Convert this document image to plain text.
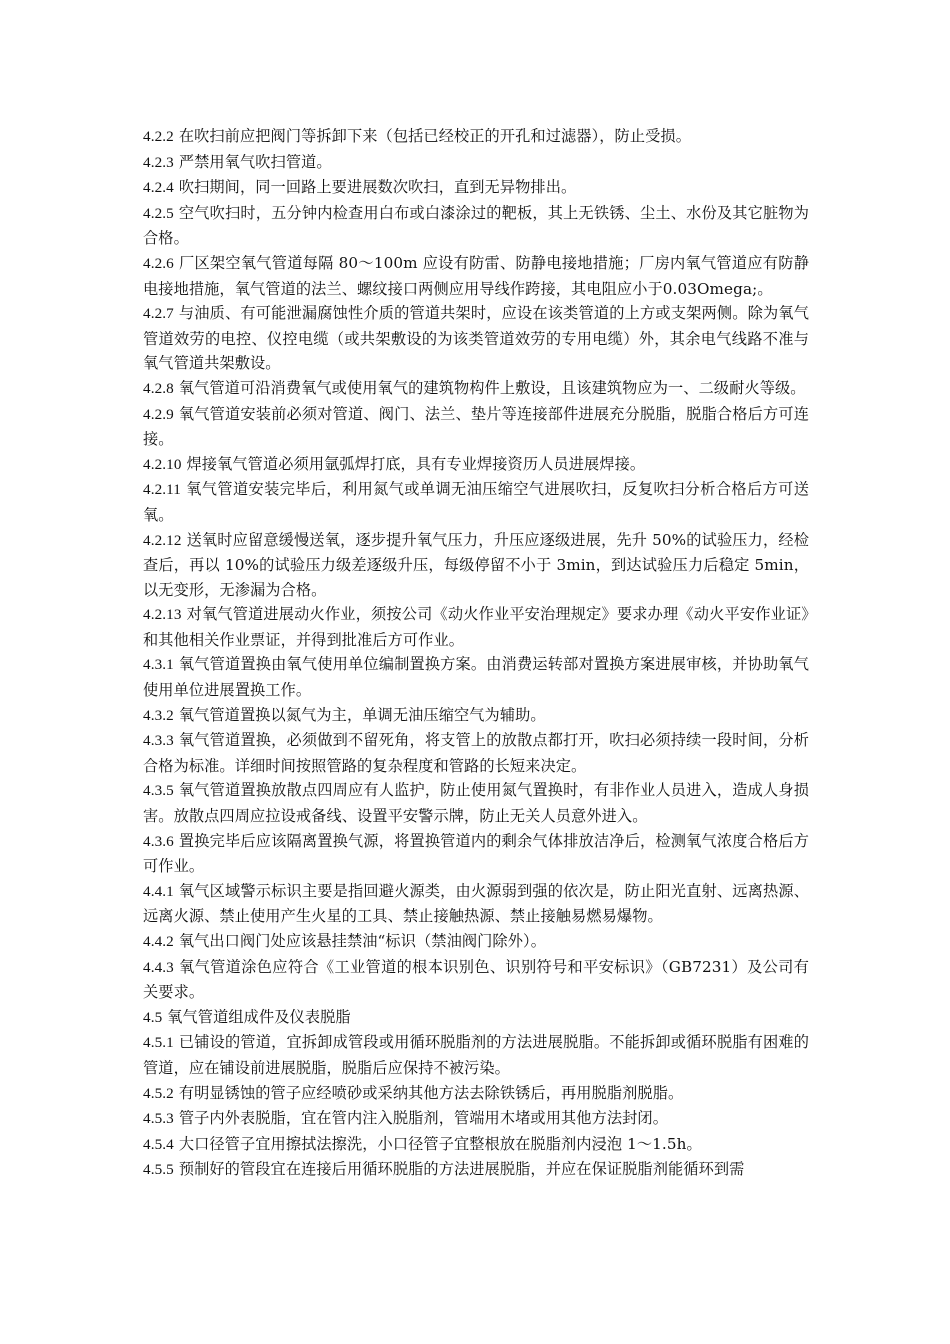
4.2.2 在吹扫前应把阀门等拆卸下来（包括已经校正的开孔和过滤器），防止受损。

4.2.3 严禁用氧气吹扫管道。

4.2.4 吹扫期间，同一回路上要进展数次吹扫，直到无异物排出。

4.2.5 空气吹扫时，五分钟内检查用白布或白漆涂过的靶板，其上无铁锈、尘土、水份及其它脏物为合格。

4.2.6 厂区架空氧气管道每隔 80～100m 应设有防雷、防静电接地措施；厂房内氧气管道应有防静电接地措施，氧气管道的法兰、螺纹接口两侧应用导线作跨接，其电阻应小于0.03Omega;。

4.2.7 与油质、有可能泄漏腐蚀性介质的管道共架时，应设在该类管道的上方或支架两侧。除为氧气管道效劳的电控、仪控电缆（或共架敷设的为该类管道效劳的专用电缆）外，其余电气线路不准与氧气管道共架敷设。

4.2.8 氧气管道可沿消费氧气或使用氧气的建筑物构件上敷设，且该建筑物应为一、二级耐火等级。

4.2.9 氧气管道安装前必须对管道、阀门、法兰、垫片等连接部件进展充分脱脂，脱脂合格后方可连接。

4.2.10 焊接氧气管道必须用氩弧焊打底，具有专业焊接资历人员进展焊接。

4.2.11 氧气管道安装完毕后，利用氮气或单调无油压缩空气进展吹扫，反复吹扫分析合格后方可送氧。

4.2.12 送氧时应留意缓慢送氧，逐步提升氧气压力，升压应逐级进展，先升 50%的试验压力，经检查后，再以 10%的试验压力级差逐级升压，每级停留不小于 3min，到达试验压力后稳定 5min，以无变形，无渗漏为合格。

4.2.13 对氧气管道进展动火作业，须按公司《动火作业平安治理规定》要求办理《动火平安作业证》和其他相关作业票证，并得到批准后方可作业。

4.3.1 氧气管道置换由氧气使用单位编制置换方案。由消费运转部对置换方案进展审核，并协助氧气使用单位进展置换工作。

4.3.2 氧气管道置换以氮气为主，单调无油压缩空气为辅助。

4.3.3 氧气管道置换，必须做到不留死角，将支管上的放散点都打开，吹扫必须持续一段时间，分析合格为标准。详细时间按照管路的复杂程度和管路的长短来决定。

4.3.5 氧气管道置换放散点四周应有人监护，防止使用氮气置换时，有非作业人员进入，造成人身损害。放散点四周应拉设戒备线、设置平安警示牌，防止无关人员意外进入。

4.3.6 置换完毕后应该隔离置换气源，将置换管道内的剩余气体排放洁净后，检测氧气浓度合格后方可作业。

4.4.1 氧气区域警示标识主要是指回避火源类，由火源弱到强的依次是，防止阳光直射、远离热源、远离火源、禁止使用产生火星的工具、禁止接触热源、禁止接触易燃易爆物。

4.4.2 氧气出口阀门处应该悬挂禁油“标识（禁油阀门除外）。

4.4.3 氧气管道涂色应符合《工业管道的根本识别色、识别符号和平安标识》（GB7231）及公司有关要求。

4.5 氧气管道组成件及仪表脱脂

4.5.1 已铺设的管道，宜拆卸成管段或用循环脱脂剂的方法进展脱脂。不能拆卸或循环脱脂有困难的管道，应在铺设前进展脱脂，脱脂后应保持不被污染。

4.5.2 有明显锈蚀的管子应经喷砂或采纳其他方法去除铁锈后，再用脱脂剂脱脂。

4.5.3 管子内外表脱脂，宜在管内注入脱脂剂，管端用木堵或用其他方法封闭。

4.5.4 大口径管子宜用擦拭法擦洗，小口径管子宜整根放在脱脂剂内浸泡 1～1.5h。

4.5.5 预制好的管段宜在连接后用循环脱脂的方法进展脱脂，并应在保证脱脂剂能循环到需
